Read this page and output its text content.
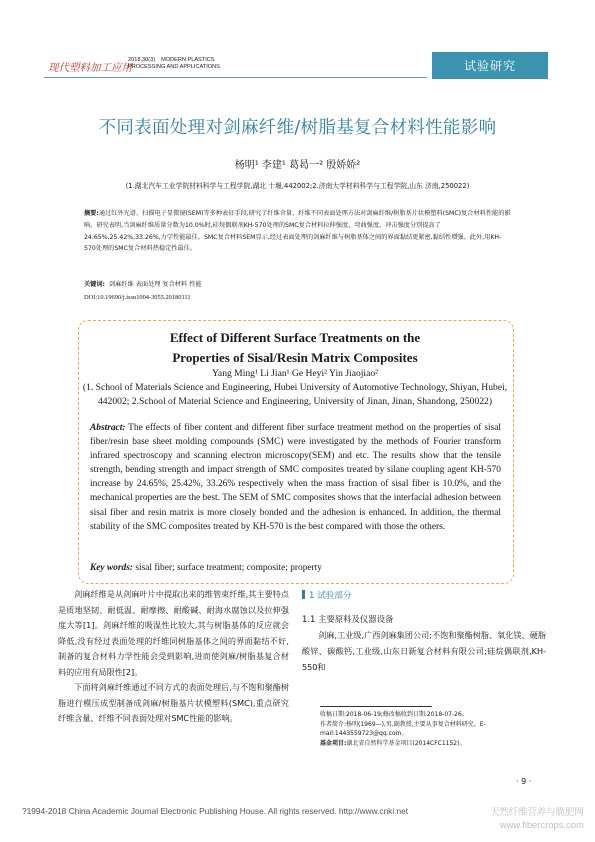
现代塑料加工应用
2018,30(3) MODERN PLASTICS
PROCESSING AND APPLICATIONS	试验研究
不同表面处理对剑麻纤维/树脂基复合材料性能影响
杨明¹ 李建¹ 葛曷一² 殷娇娇²
(1.湖北汽车工业学院材料科学与工程学院,湖北 十堰,442002;2.济南大学材料科学与工程学院,山东 济南,250022)
摘要:通过红外光谱、扫描电子显微镜(SEM)等多种表征手段,研究了纤维含量、纤维不同表面处理方法对剑麻纤维/树脂基片状模塑料(SMC)复合材料性能的影响。研究表明,当剑麻纤维质量分数为10.0%时,硅烷偶联剂KH-570处理的SMC复合材料拉伸强度、弯曲强度、冲击强度分别提高了24.65%,25.42%,33.26%,力学性能最佳。SMC复合材料SEM显示,经过表面处理的剑麻纤维与树脂基体之间的界面黏结更紧密,黏结性增强。此外,用KH-570处理的SMC复合材料热稳定性最佳。
关键词: 剑麻纤维 表面处理 复合材料 性能
DOI:10.19690/j.issn1004-3055.20180111
Effect of Different Surface Treatments on the
Properties of Sisal/Resin Matrix Composites
Yang Ming¹ Li Jian¹ Ge Heyi² Yin Jiaojiao²
(1. School of Materials Science and Engineering, Hubei University of Automotive Technology, Shiyan, Hubei, 442002; 2.School of Material Science and Engineering, University of Jinan, Jinan, Shandong, 250022)
Abstract: The effects of fiber content and different fiber surface treatment method on the properties of sisal fiber/resin base sheet molding compounds (SMC) were investigated by the methods of Fourier transform infrared spectroscopy and scanning electron microscopy(SEM) and etc. The results show that the tensile strength, bending strength and impact strength of SMC composites treated by silane coupling agent KH-570 increase by 24.65%, 25.42%, 33.26% respectively when the mass fraction of sisal fiber is 10.0%, and the mechanical properties are the best. The SEM of SMC composites shows that the interfacial adhesion between sisal fiber and resin matrix is more closely bonded and the adhesion is enhanced. In addition, the thermal stability of the SMC composites treated by KH-570 is the best compared with those the others.
Key words: sisal fiber; surface treatment; composite; property

剑麻纤维是从剑麻叶片中提取出来的维管束纤维,其主要特点是质地坚韧、耐低温、耐摩擦、耐酸碱、耐海水腐蚀以及拉伸强度大等[1]。剑麻纤维的吸湿性比较大,其与树脂基体的反应就会降低,没有经过表面处理的纤维同树脂基体之间的界面黏结不好,制备的复合材料力学性能会受到影响,进而使剑麻/树脂基复合材料的应用有局限性[2]。

下面将剑麻纤维通过不同方式的表面处理后,与不饱和聚酯树脂进行模压成型制备成剑麻/树脂基片状模塑料(SMC),重点研究纤维含量、纤维不同表面处理对SMC性能的影响。

1 试验部分
1.1 主要原料及仪器设备
剑麻,工业级,广西剑麻集团公司;不饱和聚酯树脂、氧化镁、硬脂酸锌、碳酸钙,工业级,山东日新复合材料有限公司;硅烷偶联剂,KH-550和
收稿日期:2018-06-19;修改稿收到日期:2018-07-26。
作者简介:杨明(1969—),男,副教授,主要从事复合材料研究。E-mail:1443559723@qq.com。
基金项目:湖北省自然科学基金项目(2014CFC1152)。
· 9 ·
?1994-2018 China Academic Journal Electronic Publishing House. All rights reserved. http://www.cnki.net	天然纤维营养与脆肥网
www.fibercrops.com
